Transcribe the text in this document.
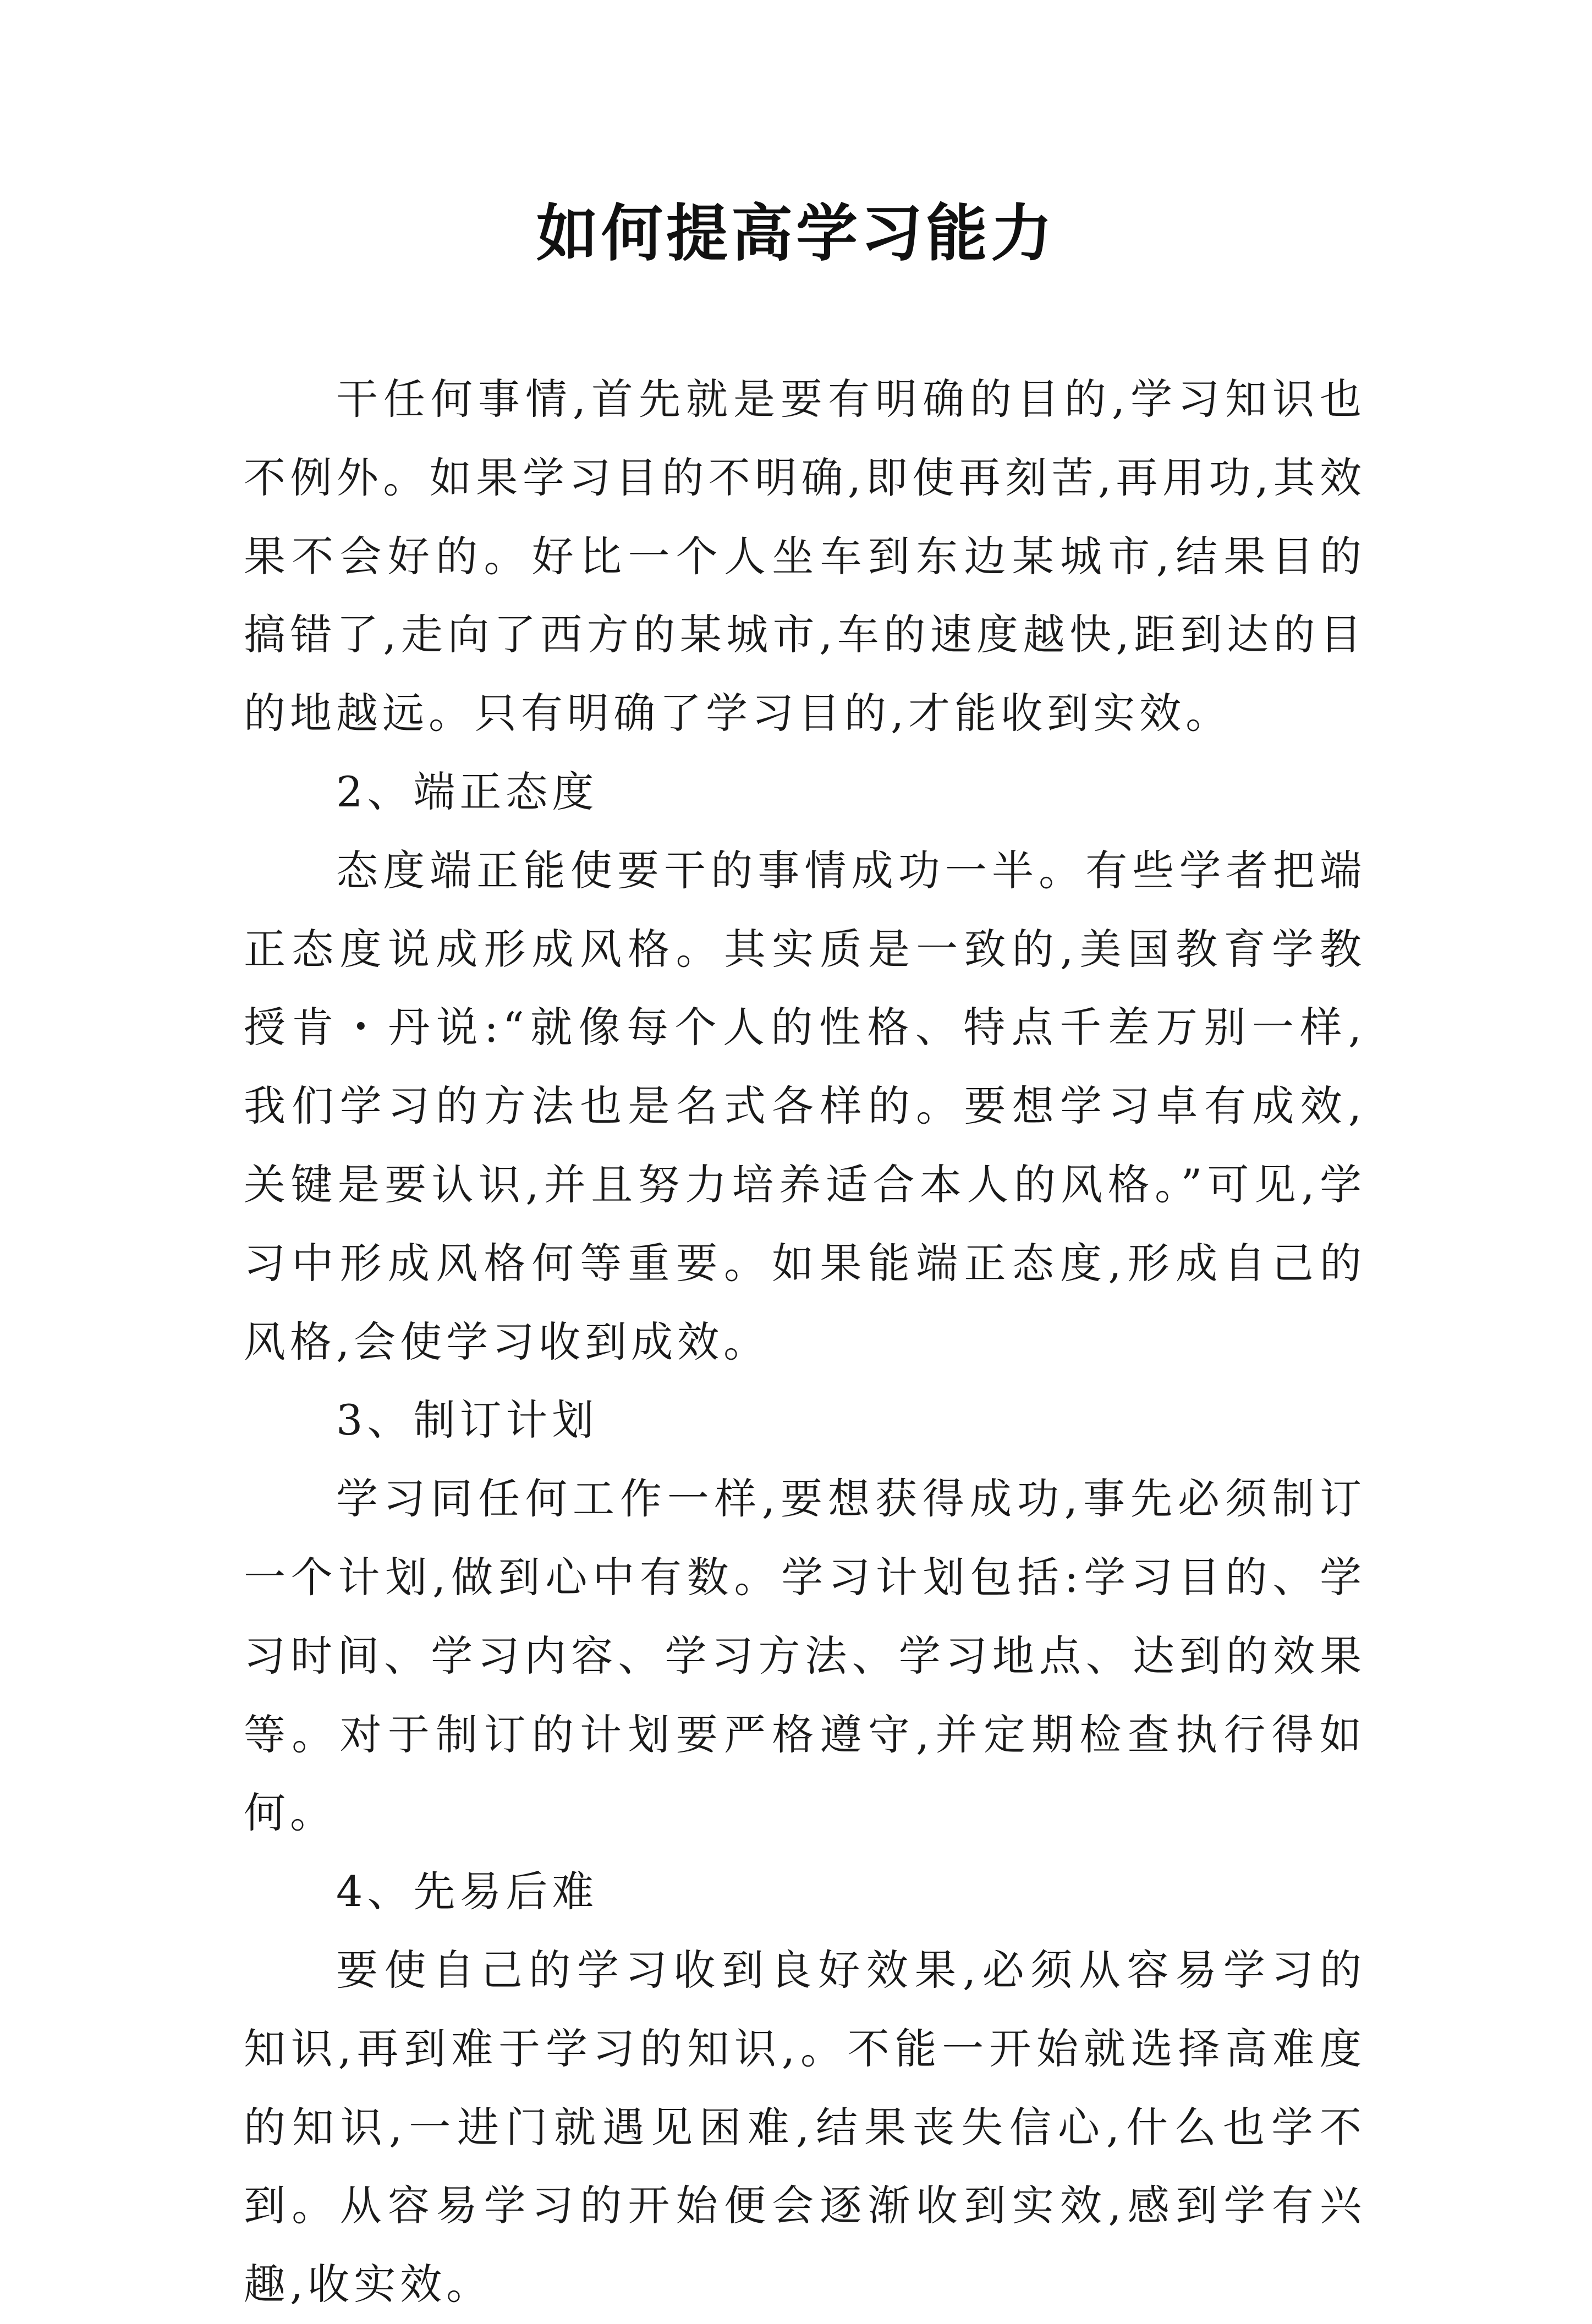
如何提高学习能力

干任何事情,首先就是要有明确的目的,学习知识也不例外。如果学习目的不明确,即使再刻苦,再用功,其效果不会好的。好比一个人坐车到东边某城市,结果目的搞错了,走向了西方的某城市,车的速度越快,距到达的目的地越远。只有明确了学习目的,才能收到实效。

2、端正态度

态度端正能使要干的事情成功一半。有些学者把端正态度说成形成风格。其实质是一致的,美国教育学教授肯・丹说:“就像每个人的性格、特点千差万别一样,我们学习的方法也是名式各样的。要想学习卓有成效,关键是要认识,并且努力培养适合本人的风格。”可见,学习中形成风格何等重要。如果能端正态度,形成自己的风格,会使学习收到成效。

3、制订计划

学习同任何工作一样,要想获得成功,事先必须制订一个计划,做到心中有数。学习计划包括:学习目的、学习时间、学习内容、学习方法、学习地点、达到的效果等。对于制订的计划要严格遵守,并定期检查执行得如何。

4、先易后难

要使自己的学习收到良好效果,必须从容易学习的知识,再到难于学习的知识,。不能一开始就选择高难度的知识,一进门就遇见困难,结果丧失信心,什么也学不到。从容易学习的开始便会逐渐收到实效,感到学有兴趣,收实效。
